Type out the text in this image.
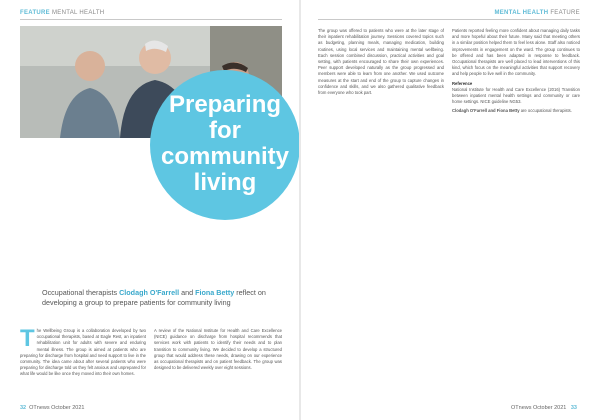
FEATURE MENTAL HEALTH
Preparing
for
community
living
Occupational therapists Clodagh O'Farrell and Fiona Betty reflect on developing a group to prepare patients for community living
The Wellbeing Group is a collaboration developed by two occupational therapists, based at Eagle Rest, an inpatient rehabilitation unit for adults with severe and enduring mental illness. The group is aimed at patients who are preparing for discharge from hospital and need support to live in the community. The idea came about after several patients who were preparing for discharge told us they felt anxious and unprepared for what life would be like once they moved into their own homes.
A review of the National Institute for Health and Care Excellence (NICE) guidance on discharge from hospital recommends that services work with patients to identify their needs and to plan transition to community living. We decided to develop a structured group that would address these needs, drawing on our experience as occupational therapists and on patient feedback. The group was designed to be delivered weekly over eight sessions.
32 OTnews October 2021
MENTAL HEALTH FEATURE
The group was offered to patients who were at the later stage of their inpatient rehabilitation journey. Sessions covered topics such as budgeting, planning meals, managing medication, building routines, using local services and maintaining mental wellbeing. Each session combined discussion, practical activities and goal setting, with patients encouraged to share their own experiences. Peer support developed naturally as the group progressed and members were able to learn from one another. We used outcome measures at the start and end of the group to capture changes in confidence and skills, and we also gathered qualitative feedback from everyone who took part.
Patients reported feeling more confident about managing daily tasks and more hopeful about their future. Many said that meeting others in a similar position helped them to feel less alone. Staff also noticed improvements in engagement on the ward. The group continues to be offered and has been adapted in response to feedback. Occupational therapists are well placed to lead interventions of this kind, which focus on the meaningful activities that support recovery and help people to live well in the community.
Reference
National Institute for Health and Care Excellence (2016) Transition between inpatient mental health settings and community or care home settings. NICE guideline NG53.
Clodagh O'Farrell and Fiona Betty are occupational therapists.
OTnews October 2021 33
